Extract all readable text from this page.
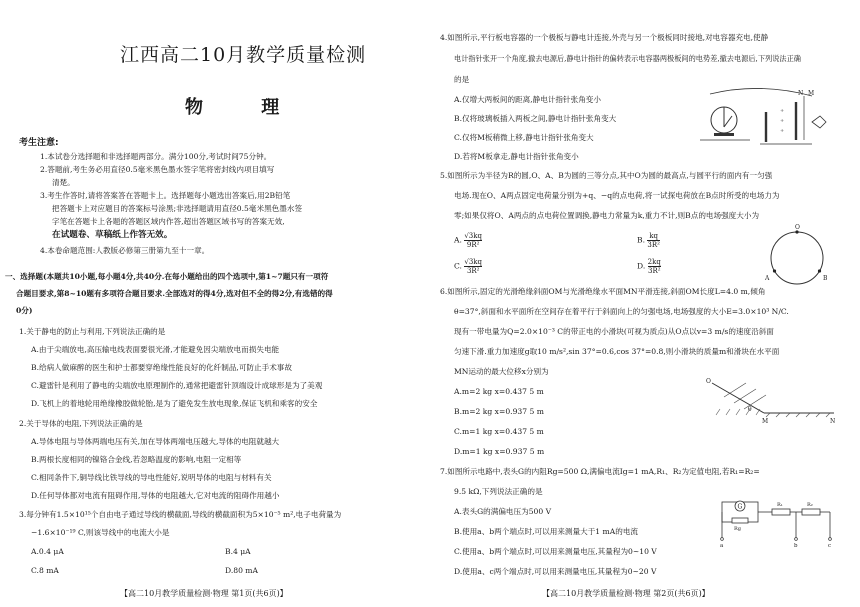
江西高二10月教学质量检测
物 理
考生注意:
1.本试卷分选择题和非选择题两部分。满分100分,考试时间75分钟。
2.答题前,考生务必用直径0.5毫米黑色墨水签字笔将密封线内项目填写
清楚。
3.考生作答时,请将答案答在答题卡上。选择题每小题选出答案后,用2B铅笔
把答题卡上对应题目的答案标号涂黑;非选择题请用直径0.5毫米黑色墨水签
字笔在答题卡上各题的答题区域内作答,超出答题区域书写的答案无效,
在试题卷、草稿纸上作答无效。
4.本卷命题范围:人教版必修第三册第九至十一章。
一、选择题(本题共10小题,每小题4分,共40分.在每小题给出的四个选项中,第1~7题只有一项符
合题目要求,第8~10题有多项符合题目要求.全部选对的得4分,选对但不全的得2分,有选错的得
0分)
1.关于静电的防止与利用,下列说法正确的是
A.由于尖端放电,高压输电线表面要很光滑,才能避免因尖端放电而损失电能
B.给病人做麻醉的医生和护士都要穿绝缘性能良好的化纤制品,可防止手术事故
C.避雷针是利用了静电的尖端放电原理制作的,通常把避雷针顶端设计成球形是为了美观
D.飞机上的着地轮用绝缘橡胶做轮胎,是为了避免发生放电现象,保证飞机和乘客的安全
2.关于导体的电阻,下列说法正确的是
A.导体电阻与导体两端电压有关,加在导体两端电压越大,导体的电阻就越大
B.两根长度相同的镍铬合金线,若忽略温度的影响,电阻一定相等
C.相同条件下,铜导线比铁导线的导电性能好,说明导体的电阻与材料有关
D.任何导体都对电流有阻碍作用,导体的电阻越大,它对电流的阻碍作用越小
3.每分钟有1.5×10¹⁵个自由电子通过导线的横截面,导线的横截面积为5×10⁻⁵ m²,电子电荷量为
−1.6×10⁻¹⁹ C,则该导线中的电流大小是
A.0.4 μA	B.4 μA
C.8 mA	D.80 mA
【高二10月教学质量检测·物理 第1页(共6页)】
4.如图所示,平行板电容器的一个极板与静电计连接,外壳与另一个极板同时接地,对电容器充电,使静
电计指针张开一个角度,撤去电源后,静电计指针的偏转表示电容器两极板间的电势差,撤去电源后,下列说法正确
的是
A.仅增大两板间的距离,静电计指针张角变小
B.仅将玻璃板插入两板之间,静电计指针张角变大
C.仅将M板稍微上移,静电计指针张角变大
D.若将M板拿走,静电计指针张角变小
+
+
+
N M
5.如图所示为半径为R的圆,O、A、B为圆的三等分点,其中O为圆的最高点,与圆平行的面内有一匀强
电场.现在O、A两点固定电荷量分别为+q、−q的点电荷,将一试探电荷放在B点时所受的电场力为
零;如果仅将O、A两点的点电荷位置调换,静电力常量为k,重力不计,则B点的电场强度大小为
A. $\frac{√3kq}{\text{9R²}}$	B. $\frac{kq}{\text{3R²}}$
C. $\frac{√3kq}{\text{3R²}}$	D. $\frac{2kq}{\text{3R²}}$
O
A	B
6.如图所示,固定的光滑绝缘斜面OM与光滑绝缘水平面MN平滑连接,斜面OM长度L=4.0 m,倾角
θ=37°,斜面和水平面所在空间存在着平行于斜面向上的匀强电场,电场强度的大小E=3.0×10³ N/C.
现有一带电量为Q=2.0×10⁻³ C的带正电的小滑块(可视为质点)从O点以v=3 m/s的速度沿斜面
匀速下滑.重力加速度g取10 m/s²,sin 37°=0.6,cos 37°=0.8,则小滑块的质量m和滑块在水平面
MN运动的最大位移x分别为
A.m=2 kg x=0.437 5 m
B.m=2 kg x=0.937 5 m
C.m=1 kg x=0.437 5 m
D.m=1 kg x=0.937 5 m
O
θ
M	N
7.如图所示电路中,表头G的内阻Rg=500 Ω,满偏电流Ig=1 mA,R₁、R₂为定值电阻,若R₁=R₂=
9.5 kΩ,下列说法正确的是
A.表头G的满偏电压为500 V
B.使用a、b两个端点时,可以用来测量大于1 mA的电流
C.使用a、b两个端点时,可以用来测量电压,其量程为0~10 V
D.使用a、c两个端点时,可以用来测量电压,其量程为0~20 V
G
Rg
R₁	R₂
a	b	c
【高二10月教学质量检测·物理 第2页(共6页)】
